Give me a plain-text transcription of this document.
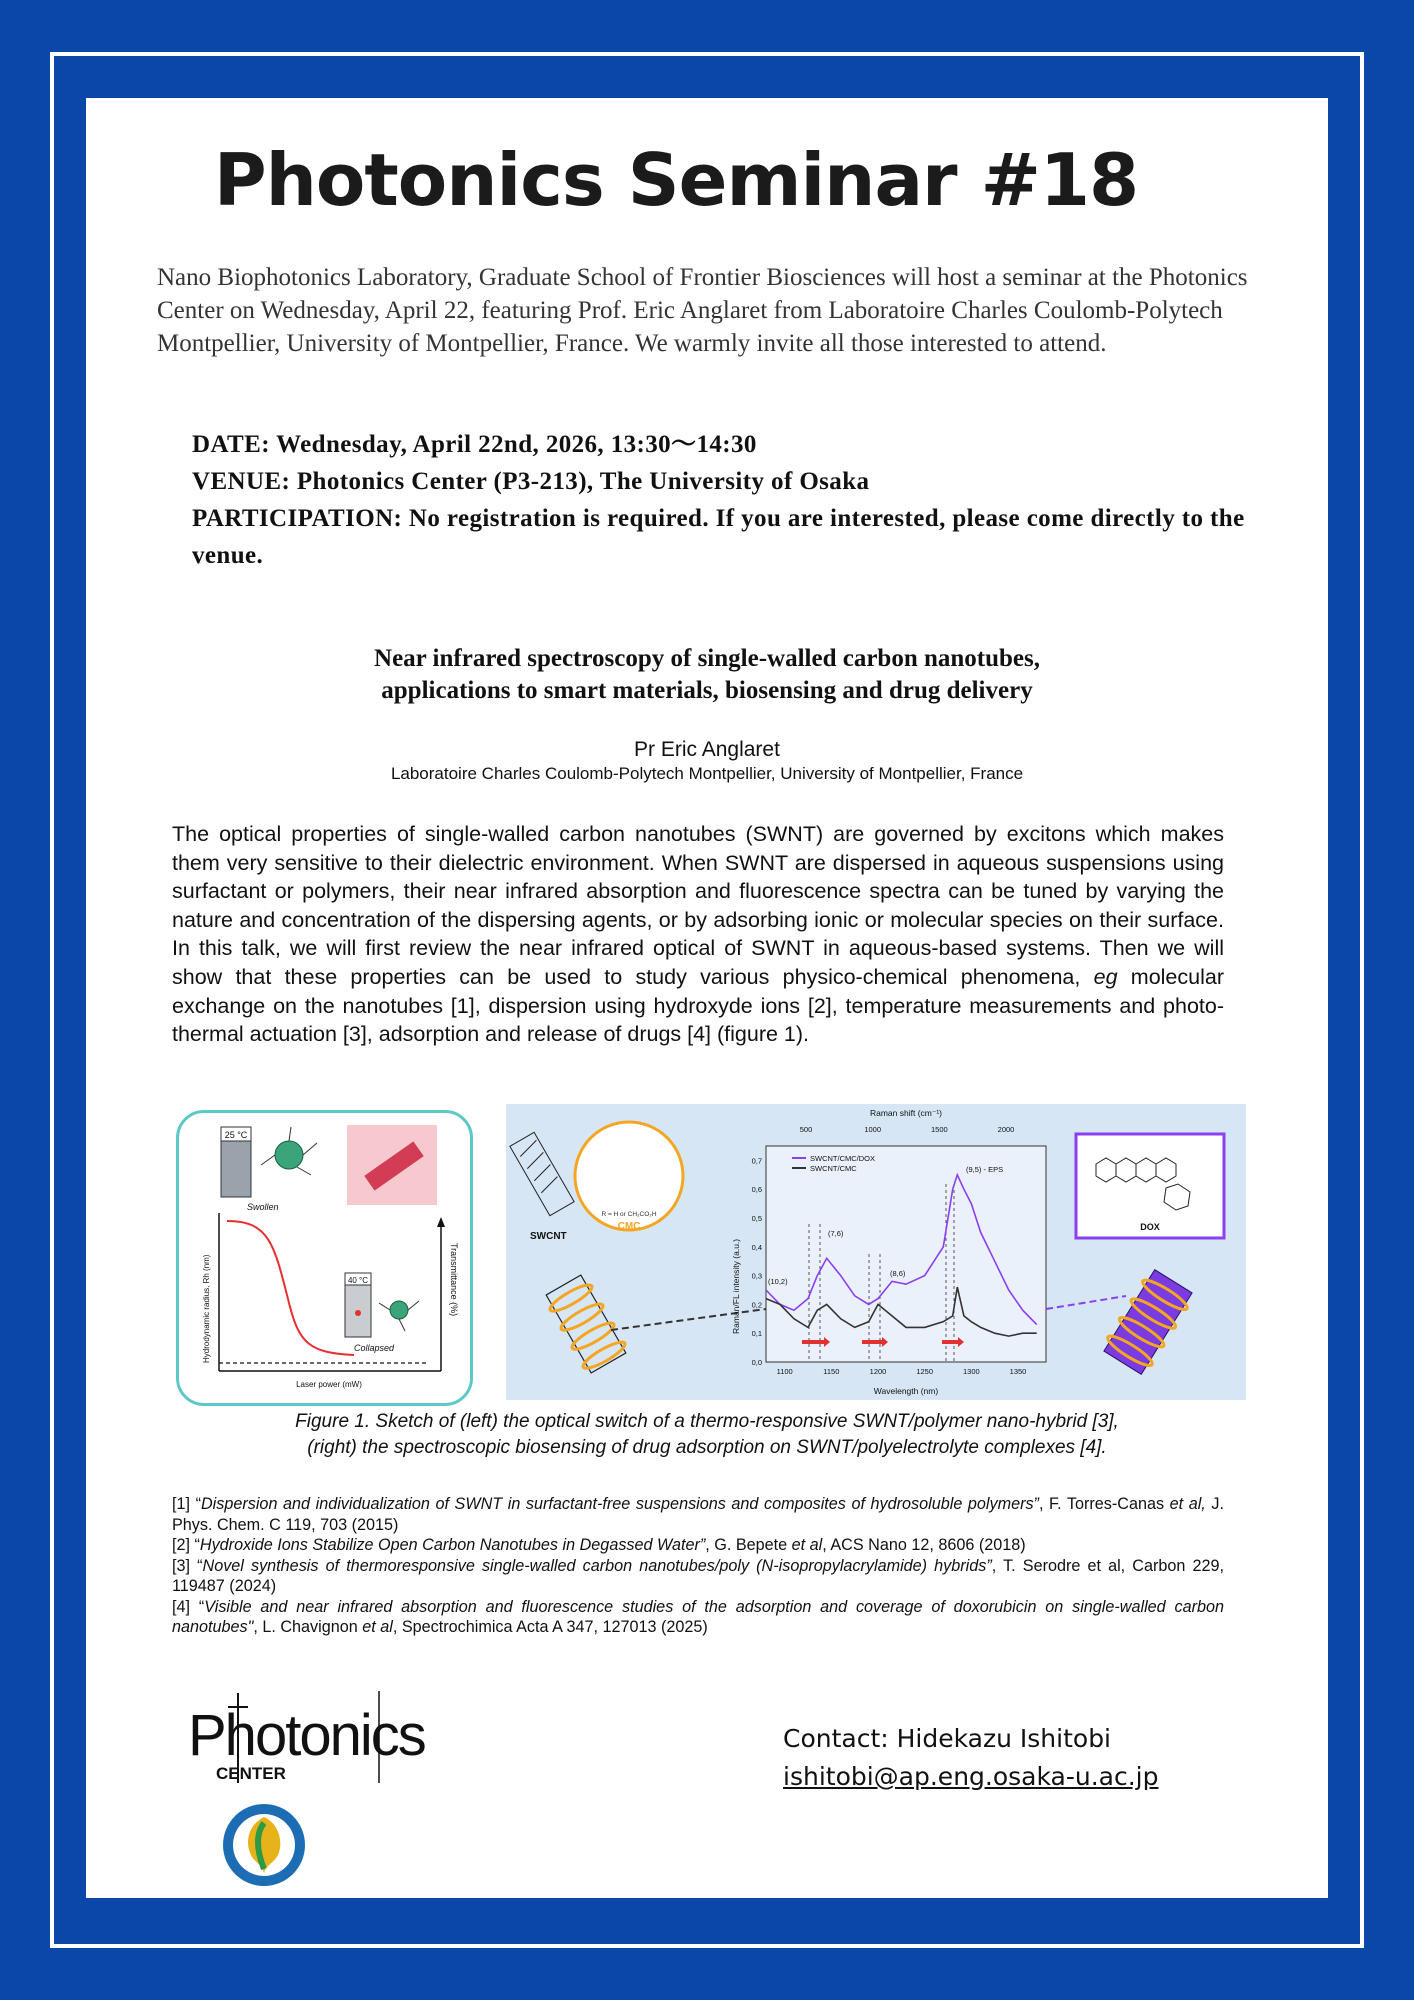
Photonics Seminar #18
Nano Biophotonics Laboratory, Graduate School of Frontier Biosciences will host a seminar at the Photonics Center on Wednesday, April 22, featuring Prof. Eric Anglaret from Laboratoire Charles Coulomb-Polytech Montpellier, University of Montpellier, France. We warmly invite all those interested to attend.
DATE: Wednesday, April 22nd, 2026, 13:30〜14:30
VENUE: Photonics Center (P3-213), The University of Osaka
PARTICIPATION: No registration is required. If you are interested, please come directly to the venue.
Near infrared spectroscopy of single-walled carbon nanotubes,
applications to smart materials, biosensing and drug delivery
Pr Eric Anglaret
Laboratoire Charles Coulomb-Polytech Montpellier, University of Montpellier, France
The optical properties of single-walled carbon nanotubes (SWNT) are governed by excitons which makes them very sensitive to their dielectric environment. When SWNT are dispersed in aqueous suspensions using surfactant or polymers, their near infrared absorption and fluorescence spectra can be tuned by varying the nature and concentration of the dispersing agents, or by adsorbing ionic or molecular species on their surface. In this talk, we will first review the near infrared optical of SWNT in aqueous-based systems. Then we will show that these properties can be used to study various physico-chemical phenomena, eg molecular exchange on the nanotubes [1], dispersion using hydroxyde ions [2], temperature measurements and photo-thermal actuation [3], adsorption and release of drugs [4] (figure 1).
25 °C
Swollen
40 °C
Collapsed
Hydrodynamic radius, Rh (nm)	Transmittance (%)
Laser power (mW)
SWCNT
R = H or CH₂CO₂H
CMC
Raman shift (cm⁻¹)
500	1000	1500	2000
1100	1150	1200	1250	1300	1350
0,0
0,1
0,2
0,3
0,4
0,5
0,6
0,7
Wavelength (nm)
Raman/FL intensity (a.u.)
SWCNT/CMC/DOX
SWCNT/CMC
(10,2)
(7,6)
(8,6)
(9,5) - EPS
DOX
Figure 1. Sketch of (left) the optical switch of a thermo-responsive SWNT/polymer nano-hybrid [3],
(right) the spectroscopic biosensing of drug adsorption on SWNT/polyelectrolyte complexes [4].
[1] “Dispersion and individualization of SWNT in surfactant-free suspensions and composites of hydrosoluble polymers”, F. Torres-Canas et al, J. Phys. Chem. C 119, 703 (2015)
[2] “Hydroxide Ions Stabilize Open Carbon Nanotubes in Degassed Water”, G. Bepete et al, ACS Nano 12, 8606 (2018)
[3] “Novel synthesis of thermoresponsive single-walled carbon nanotubes/poly (N-isopropylacrylamide) hybrids”, T. Serodre et al, Carbon 229, 119487 (2024)
[4] “Visible and near infrared absorption and fluorescence studies of the adsorption and coverage of doxorubicin on single-walled carbon nanotubes", L. Chavignon et al, Spectrochimica Acta A 347, 127013 (2025)
Photonics
CENTER
Contact: Hidekazu Ishitobi
ishitobi@ap.eng.osaka-u.ac.jp
